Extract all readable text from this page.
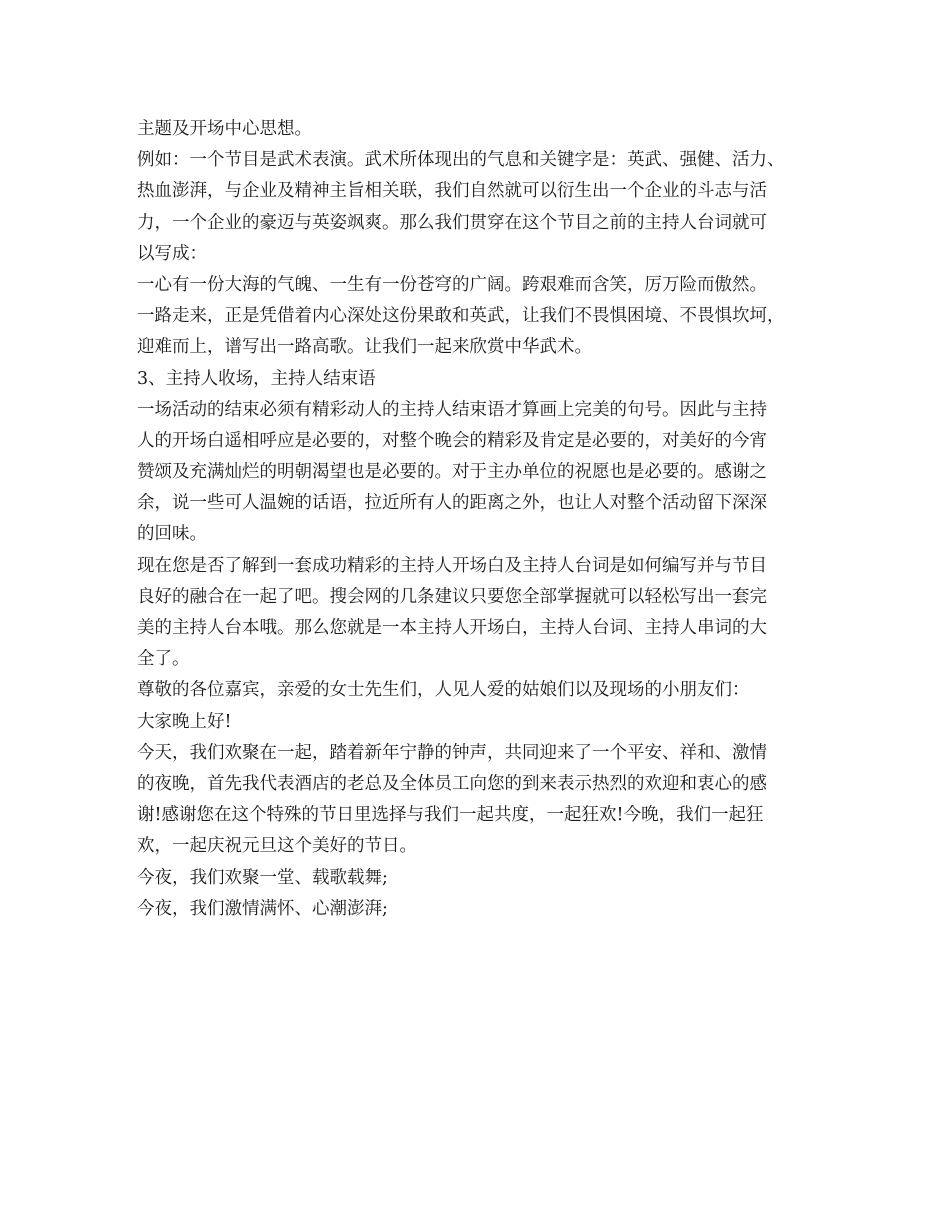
主题及开场中心思想。
例如：一个节目是武术表演。武术所体现出的气息和关键字是：英武、强健、活力、
热血澎湃，与企业及精神主旨相关联，我们自然就可以衍生出一个企业的斗志与活
力，一个企业的豪迈与英姿飒爽。那么我们贯穿在这个节目之前的主持人台词就可
以写成：
一心有一份大海的气魄、一生有一份苍穹的广阔。跨艰难而含笑，厉万险而傲然。
一路走来，正是凭借着内心深处这份果敢和英武，让我们不畏惧困境、不畏惧坎坷，
迎难而上，谱写出一路高歌。让我们一起来欣赏中华武术。
3、主持人收场，主持人结束语
一场活动的结束必须有精彩动人的主持人结束语才算画上完美的句号。因此与主持
人的开场白遥相呼应是必要的，对整个晚会的精彩及肯定是必要的，对美好的今宵
赞颂及充满灿烂的明朝渴望也是必要的。对于主办单位的祝愿也是必要的。感谢之
余，说一些可人温婉的话语，拉近所有人的距离之外，也让人对整个活动留下深深
的回味。
现在您是否了解到一套成功精彩的主持人开场白及主持人台词是如何编写并与节目
良好的融合在一起了吧。搜会网的几条建议只要您全部掌握就可以轻松写出一套完
美的主持人台本哦。那么您就是一本主持人开场白，主持人台词、主持人串词的大
全了。
尊敬的各位嘉宾，亲爱的女士先生们，人见人爱的姑娘们以及现场的小朋友们：
大家晚上好!
今天，我们欢聚在一起，踏着新年宁静的钟声，共同迎来了一个平安、祥和、激情
的夜晚，首先我代表酒店的老总及全体员工向您的到来表示热烈的欢迎和衷心的感
谢!感谢您在这个特殊的节日里选择与我们一起共度，一起狂欢!今晚，我们一起狂
欢，一起庆祝元旦这个美好的节日。
今夜，我们欢聚一堂、载歌载舞;
今夜，我们激情满怀、心潮澎湃;
